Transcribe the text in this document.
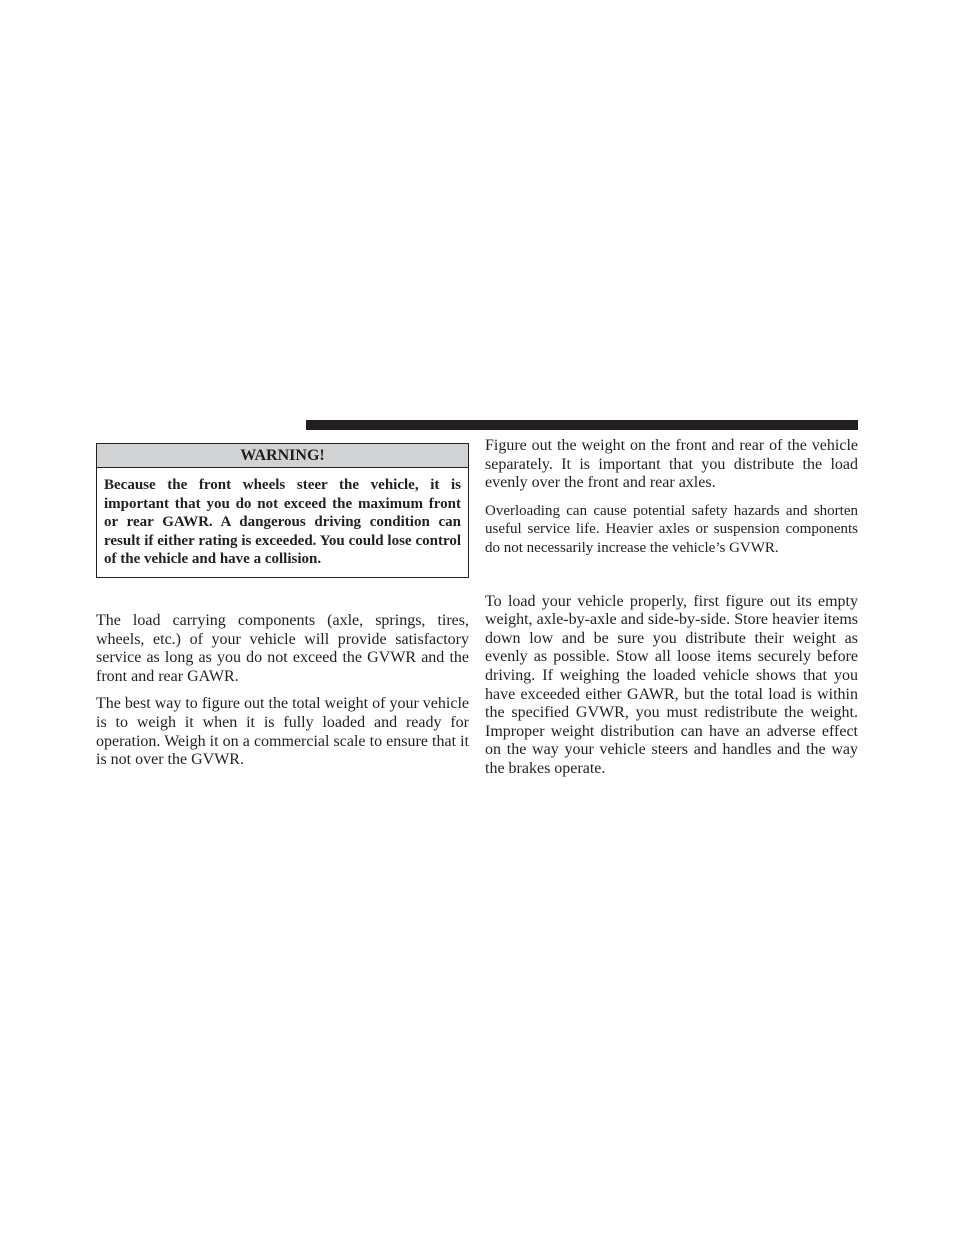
WARNING!
Because the front wheels steer the vehicle, it is important that you do not exceed the maximum front or rear GAWR. A dangerous driving condition can result if either rating is exceeded. You could lose control of the vehicle and have a collision.

The load carrying components (axle, springs, tires, wheels, etc.) of your vehicle will provide satisfactory service as long as you do not exceed the GVWR and the front and rear GAWR.

The best way to figure out the total weight of your vehicle is to weigh it when it is fully loaded and ready for operation. Weigh it on a commercial scale to ensure that it is not over the GVWR.

Figure out the weight on the front and rear of the vehicle separately. It is important that you distribute the load evenly over the front and rear axles.

Overloading can cause potential safety hazards and shorten useful service life. Heavier axles or suspension components do not necessarily increase the vehicle’s GVWR.

To load your vehicle properly, first figure out its empty weight, axle-by-axle and side-by-side. Store heavier items down low and be sure you distribute their weight as evenly as possible. Stow all loose items securely before driving. If weighing the loaded vehicle shows that you have exceeded either GAWR, but the total load is within the specified GVWR, you must redistribute the weight. Improper weight distribution can have an adverse effect on the way your vehicle steers and handles and the way the brakes operate.
